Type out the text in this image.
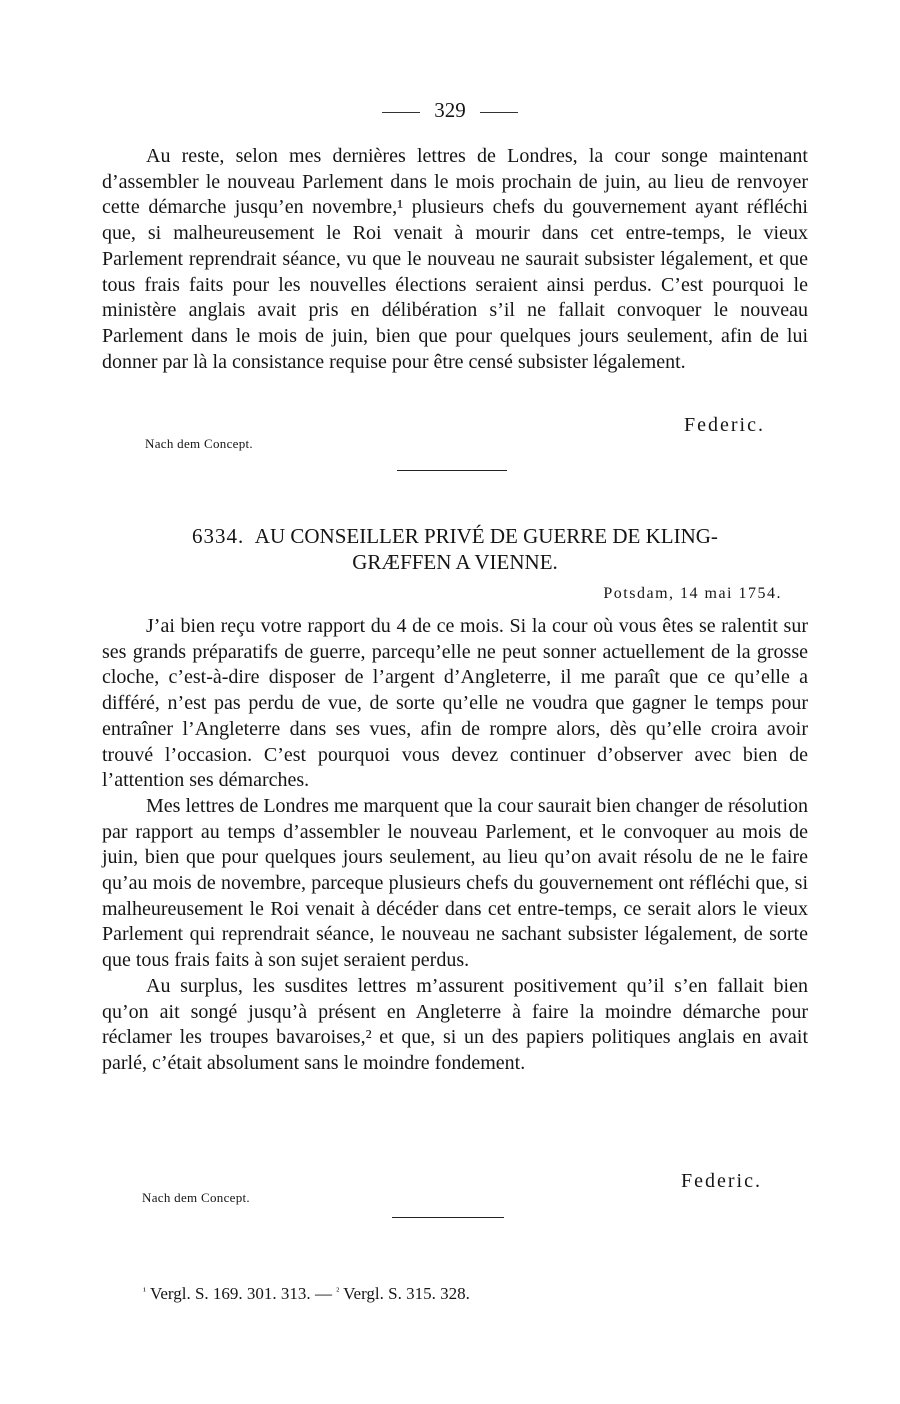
329

Au reste, selon mes dernières lettres de Londres, la cour songe maintenant d’assembler le nouveau Parlement dans le mois prochain de juin, au lieu de renvoyer cette démarche jusqu’en novembre,¹ plusieurs chefs du gouvernement ayant réfléchi que, si malheureusement le Roi venait à mourir dans cet entre-temps, le vieux Parlement reprendrait séance, vu que le nouveau ne saurait subsister légalement, et que tous frais faits pour les nouvelles élections seraient ainsi perdus. C’est pourquoi le ministère anglais avait pris en délibération s’il ne fallait convoquer le nouveau Parlement dans le mois de juin, bien que pour quelques jours seulement, afin de lui donner par là la consistance requise pour être censé subsister légalement.

Federic.
Nach dem Concept.
6334. AU CONSEILLER PRIVÉ DE GUERRE DE KLING-
GRÆFFEN A VIENNE.
Potsdam, 14 mai 1754.

J’ai bien reçu votre rapport du 4 de ce mois. Si la cour où vous êtes se ralentit sur ses grands préparatifs de guerre, parcequ’elle ne peut sonner actuellement de la grosse cloche, c’est-à-dire disposer de l’argent d’Angleterre, il me paraît que ce qu’elle a différé, n’est pas perdu de vue, de sorte qu’elle ne voudra que gagner le temps pour entraîner l’Angleterre dans ses vues, afin de rompre alors, dès qu’elle croira avoir trouvé l’occasion. C’est pourquoi vous devez continuer d’observer avec bien de l’attention ses démarches.

Mes lettres de Londres me marquent que la cour saurait bien changer de résolution par rapport au temps d’assembler le nouveau Parlement, et le convoquer au mois de juin, bien que pour quelques jours seulement, au lieu qu’on avait résolu de ne le faire qu’au mois de novembre, parceque plusieurs chefs du gouvernement ont réfléchi que, si malheureusement le Roi venait à décéder dans cet entre-temps, ce serait alors le vieux Parlement qui reprendrait séance, le nouveau ne sachant subsister légalement, de sorte que tous frais faits à son sujet seraient perdus.

Au surplus, les susdites lettres m’assurent positivement qu’il s’en fallait bien qu’on ait songé jusqu’à présent en Angleterre à faire la moindre démarche pour réclamer les troupes bavaroises,² et que, si un des papiers politiques anglais en avait parlé, c’était absolument sans le moindre fondement.

Federic.
Nach dem Concept.
$^{^1}$ Vergl. S. 169. 301. 313. — $^{^2}$ Vergl. S. 315. 328.
